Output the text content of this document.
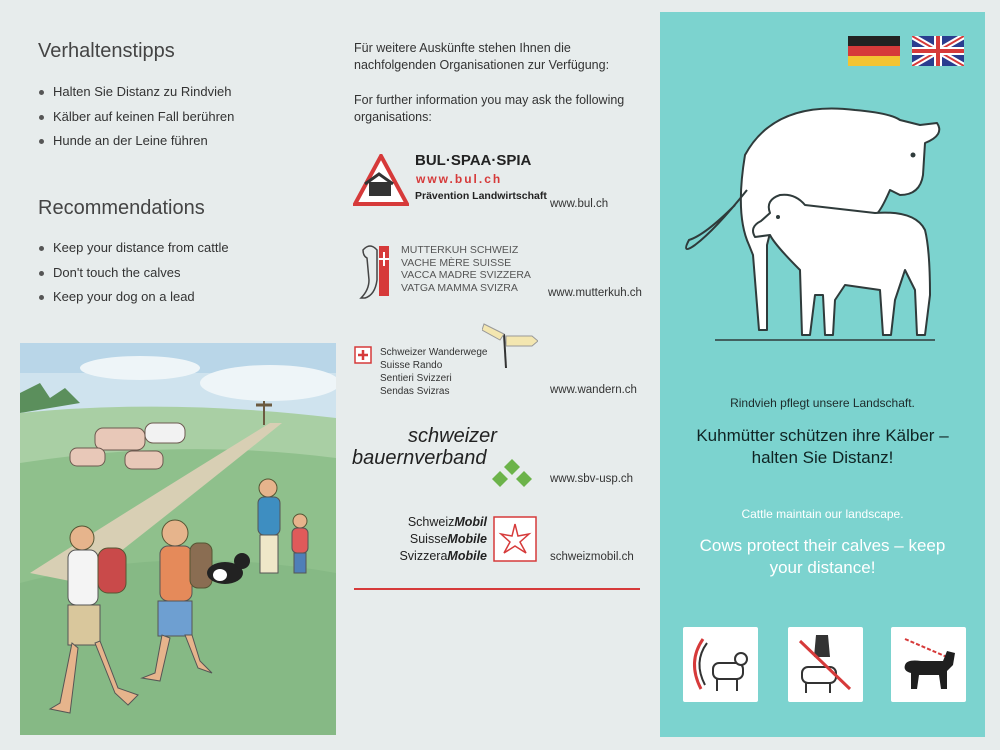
Verhaltenstipps
Halten Sie Distanz zu Rindvieh
Kälber auf keinen Fall berühren
Hunde an der Leine führen
Recommendations
Keep your distance from cattle
Don't touch the calves
Keep your dog on a lead
Für weitere Auskünfte stehen Ihnen die nachfolgenden Organisationen zur Verfügung:
For further information you may ask the following organisations:
BUL·SPAA·SPIA
www.bul.ch
Prävention Landwirtschaft
www.bul.ch
MUTTERKUH SCHWEIZ
VACHE MÈRE SUISSE
VACCA MADRE SVIZZERA
VATGA MAMMA SVIZRA	www.mutterkuh.ch
Schweizer Wanderwege
Suisse Rando
Sentieri Svizzeri
Sendas Svizras	www.wandern.ch
schweizer
bauernverband
www.sbv-usp.ch
SchweizMobil
SuisseMobile
SvizzeraMobile	schweizmobil.ch
Rindvieh pflegt unsere Landschaft.
Kuhmütter schützen ihre Kälber – halten Sie Distanz!
Cattle maintain our landscape.
Cows protect their calves – keep your distance!
